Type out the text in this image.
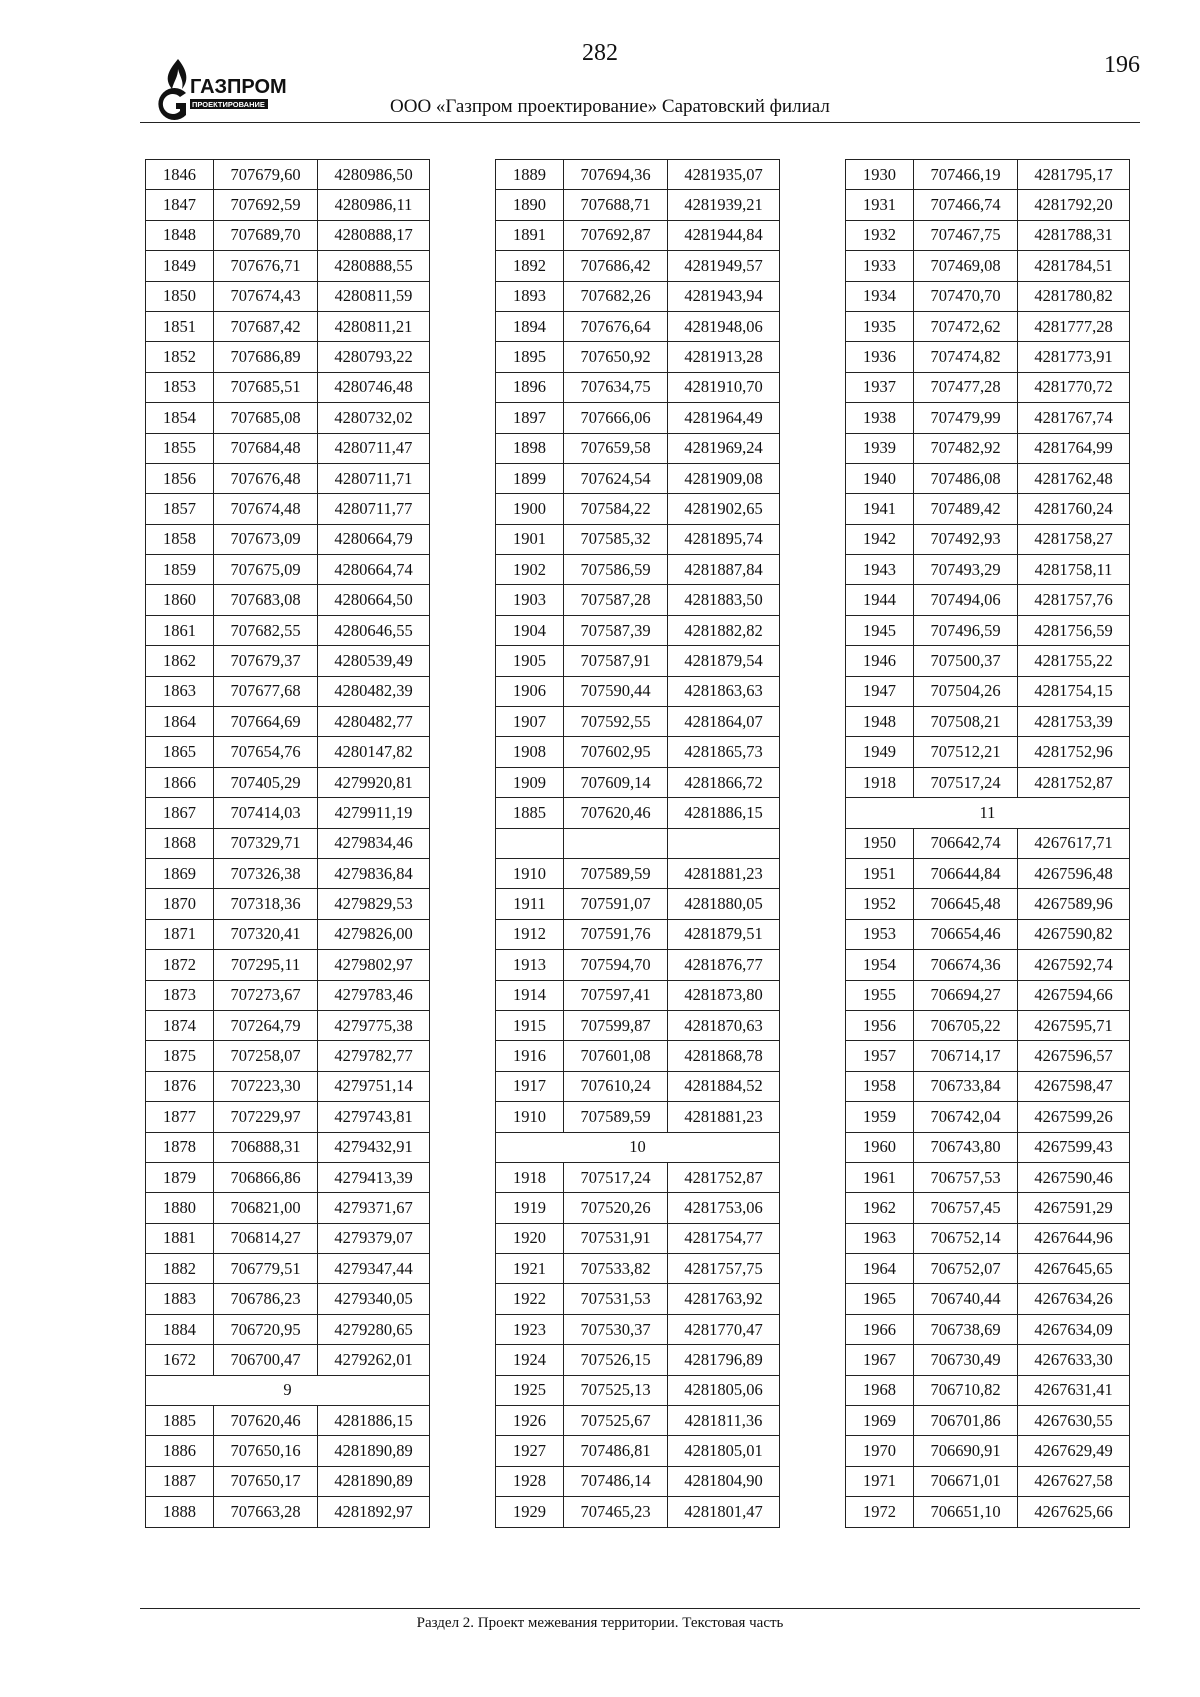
282	196
ГАЗПРОМ
ПРОЕКТИРОВАНИЕ	ООО «Газпром проектирование» Саратовский филиал
1846	707679,60	4280986,50
1847	707692,59	4280986,11
1848	707689,70	4280888,17
1849	707676,71	4280888,55
1850	707674,43	4280811,59
1851	707687,42	4280811,21
1852	707686,89	4280793,22
1853	707685,51	4280746,48
1854	707685,08	4280732,02
1855	707684,48	4280711,47
1856	707676,48	4280711,71
1857	707674,48	4280711,77
1858	707673,09	4280664,79
1859	707675,09	4280664,74
1860	707683,08	4280664,50
1861	707682,55	4280646,55
1862	707679,37	4280539,49
1863	707677,68	4280482,39
1864	707664,69	4280482,77
1865	707654,76	4280147,82
1866	707405,29	4279920,81
1867	707414,03	4279911,19
1868	707329,71	4279834,46
1869	707326,38	4279836,84
1870	707318,36	4279829,53
1871	707320,41	4279826,00
1872	707295,11	4279802,97
1873	707273,67	4279783,46
1874	707264,79	4279775,38
1875	707258,07	4279782,77
1876	707223,30	4279751,14
1877	707229,97	4279743,81
1878	706888,31	4279432,91
1879	706866,86	4279413,39
1880	706821,00	4279371,67
1881	706814,27	4279379,07
1882	706779,51	4279347,44
1883	706786,23	4279340,05
1884	706720,95	4279280,65
1672	706700,47	4279262,01
9		
1885	707620,46	4281886,15
1886	707650,16	4281890,89
1887	707650,17	4281890,89
1888	707663,28	4281892,97
1889	707694,36	4281935,07
1890	707688,71	4281939,21
1891	707692,87	4281944,84
1892	707686,42	4281949,57
1893	707682,26	4281943,94
1894	707676,64	4281948,06
1895	707650,92	4281913,28
1896	707634,75	4281910,70
1897	707666,06	4281964,49
1898	707659,58	4281969,24
1899	707624,54	4281909,08
1900	707584,22	4281902,65
1901	707585,32	4281895,74
1902	707586,59	4281887,84
1903	707587,28	4281883,50
1904	707587,39	4281882,82
1905	707587,91	4281879,54
1906	707590,44	4281863,63
1907	707592,55	4281864,07
1908	707602,95	4281865,73
1909	707609,14	4281866,72
1885	707620,46	4281886,15

1910	707589,59	4281881,23
1911	707591,07	4281880,05
1912	707591,76	4281879,51
1913	707594,70	4281876,77
1914	707597,41	4281873,80
1915	707599,87	4281870,63
1916	707601,08	4281868,78
1917	707610,24	4281884,52
1910	707589,59	4281881,23
10		
1918	707517,24	4281752,87
1919	707520,26	4281753,06
1920	707531,91	4281754,77
1921	707533,82	4281757,75
1922	707531,53	4281763,92
1923	707530,37	4281770,47
1924	707526,15	4281796,89
1925	707525,13	4281805,06
1926	707525,67	4281811,36
1927	707486,81	4281805,01
1928	707486,14	4281804,90
1929	707465,23	4281801,47
1930	707466,19	4281795,17
1931	707466,74	4281792,20
1932	707467,75	4281788,31
1933	707469,08	4281784,51
1934	707470,70	4281780,82
1935	707472,62	4281777,28
1936	707474,82	4281773,91
1937	707477,28	4281770,72
1938	707479,99	4281767,74
1939	707482,92	4281764,99
1940	707486,08	4281762,48
1941	707489,42	4281760,24
1942	707492,93	4281758,27
1943	707493,29	4281758,11
1944	707494,06	4281757,76
1945	707496,59	4281756,59
1946	707500,37	4281755,22
1947	707504,26	4281754,15
1948	707508,21	4281753,39
1949	707512,21	4281752,96
1918	707517,24	4281752,87
11		
1950	706642,74	4267617,71
1951	706644,84	4267596,48
1952	706645,48	4267589,96
1953	706654,46	4267590,82
1954	706674,36	4267592,74
1955	706694,27	4267594,66
1956	706705,22	4267595,71
1957	706714,17	4267596,57
1958	706733,84	4267598,47
1959	706742,04	4267599,26
1960	706743,80	4267599,43
1961	706757,53	4267590,46
1962	706757,45	4267591,29
1963	706752,14	4267644,96
1964	706752,07	4267645,65
1965	706740,44	4267634,26
1966	706738,69	4267634,09
1967	706730,49	4267633,30
1968	706710,82	4267631,41
1969	706701,86	4267630,55
1970	706690,91	4267629,49
1971	706671,01	4267627,58
1972	706651,10	4267625,66
Раздел 2. Проект межевания территории. Текстовая часть
